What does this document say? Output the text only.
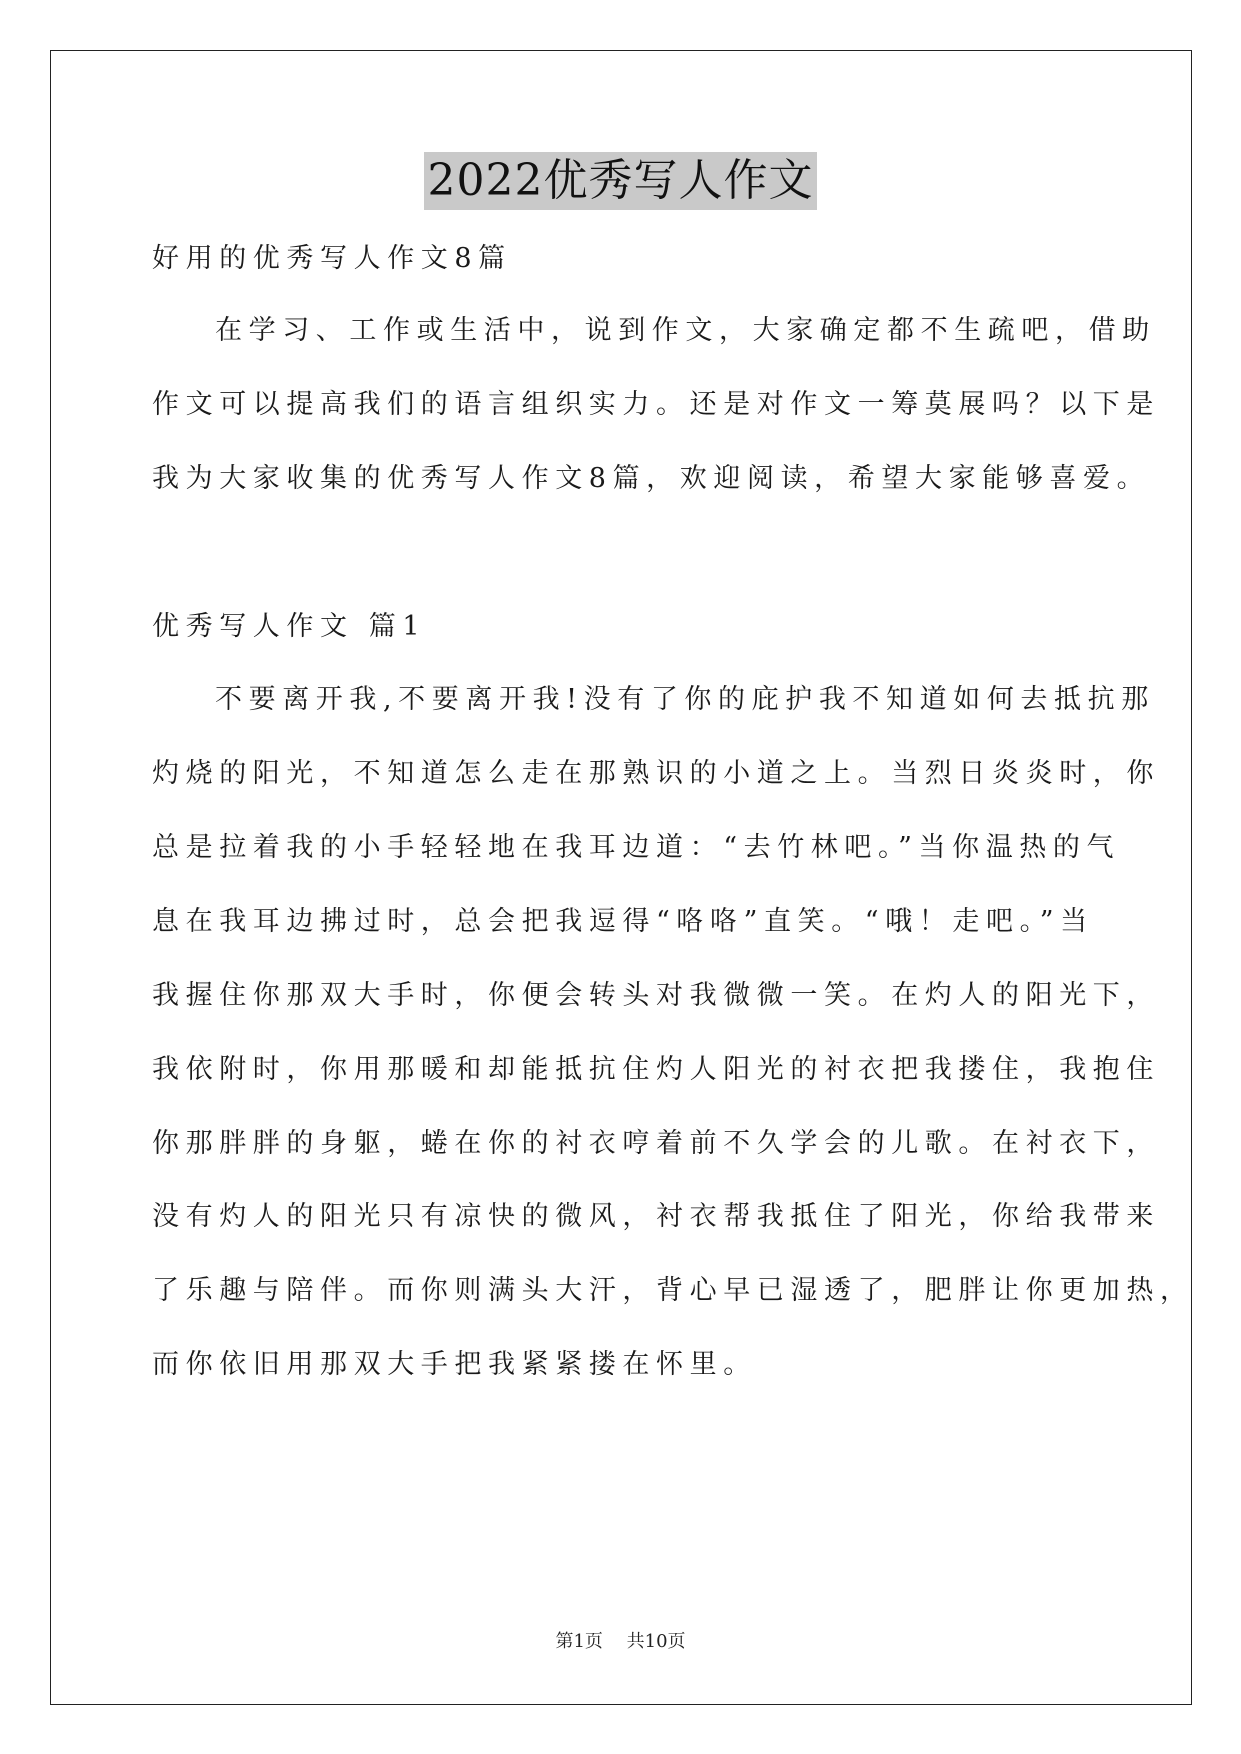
2022优秀写人作文
好用的优秀写人作文8篇
在学习、工作或生活中，说到作文，大家确定都不生疏吧，借助
作文可以提高我们的语言组织实力。还是对作文一筹莫展吗？以下是
我为大家收集的优秀写人作文8篇，欢迎阅读，希望大家能够喜爱。
优秀写人作文 篇1
不要离开我,不要离开我!没有了你的庇护我不知道如何去抵抗那
灼烧的阳光，不知道怎么走在那熟识的小道之上。当烈日炎炎时，你
总是拉着我的小手轻轻地在我耳边道：“去竹林吧。”当你温热的气
息在我耳边拂过时，总会把我逗得“咯咯”直笑。“哦！走吧。”当
我握住你那双大手时，你便会转头对我微微一笑。在灼人的阳光下，
我依附时，你用那暖和却能抵抗住灼人阳光的衬衣把我搂住，我抱住
你那胖胖的身躯，蜷在你的衬衣哼着前不久学会的儿歌。在衬衣下，
没有灼人的阳光只有凉快的微风，衬衣帮我抵住了阳光，你给我带来
了乐趣与陪伴。而你则满头大汗，背心早已湿透了，肥胖让你更加热，
而你依旧用那双大手把我紧紧搂在怀里。
第1页 共10页
